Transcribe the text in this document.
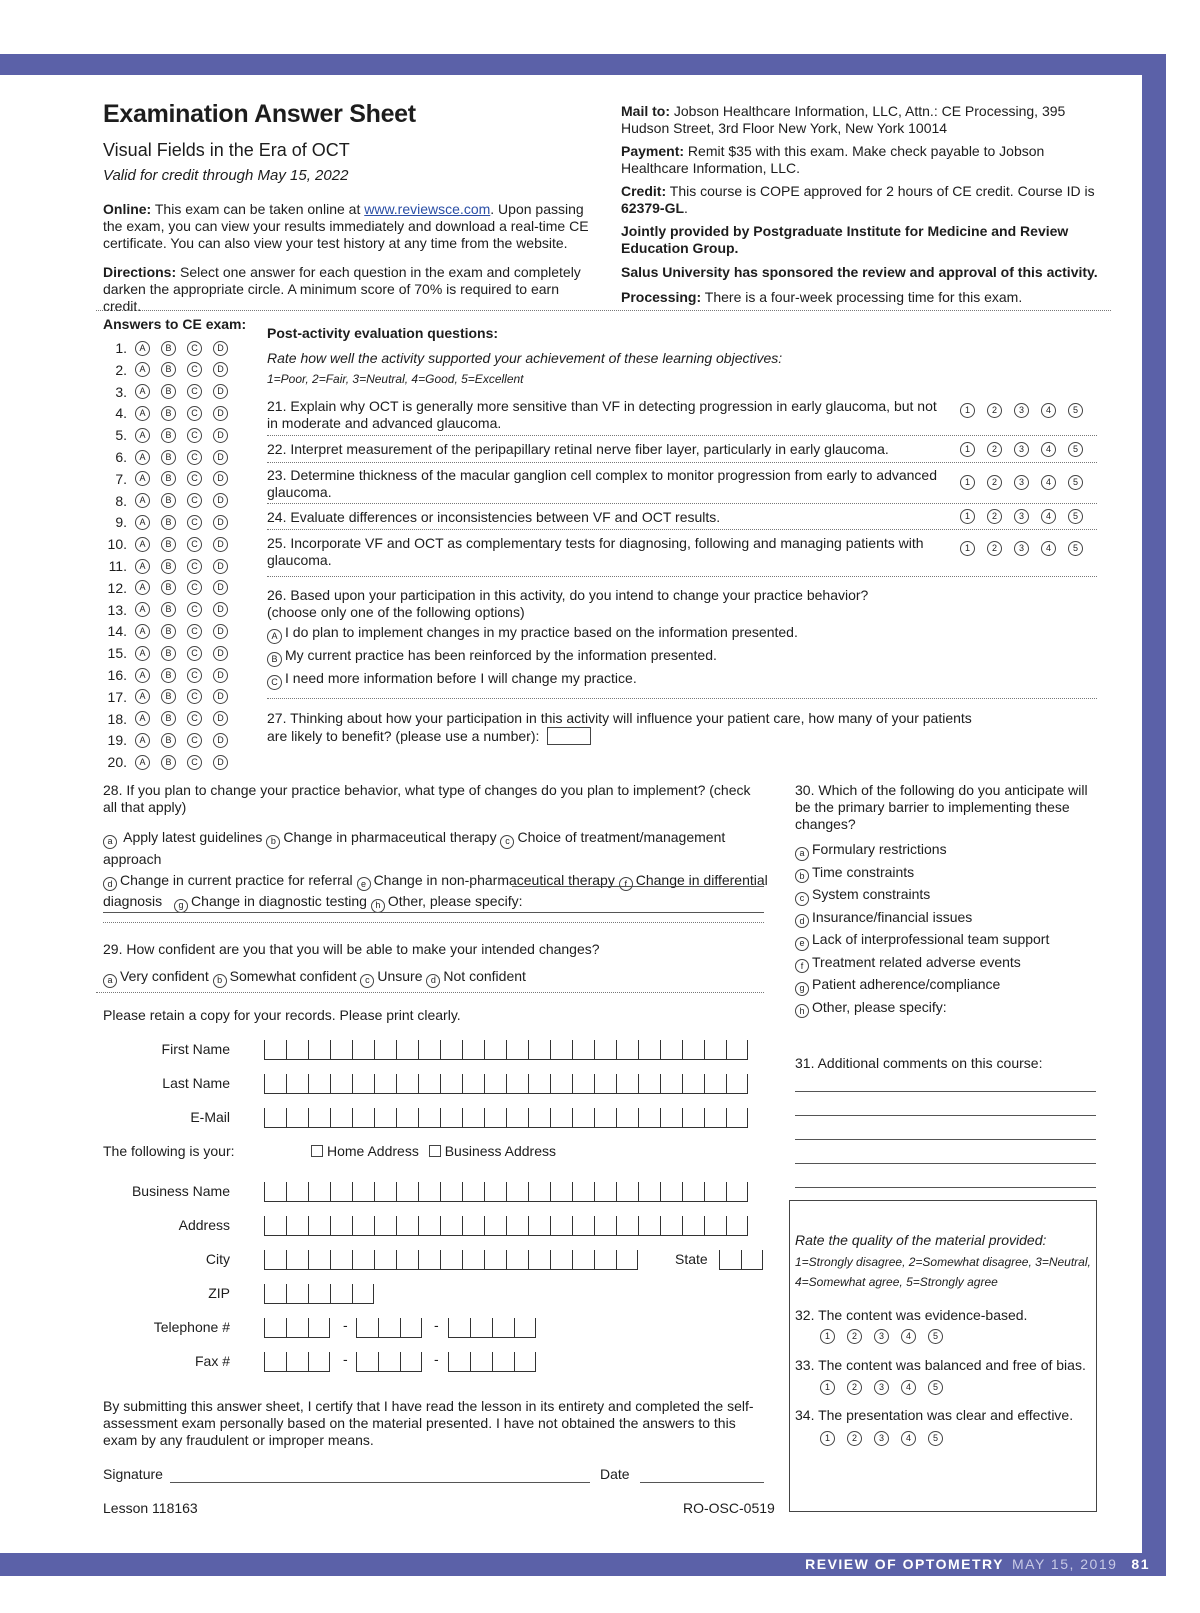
REVIEW OF OPTOMETRY MAY 15, 2019 81
Examination Answer Sheet
Visual Fields in the Era of OCT
Valid for credit through May 15, 2022
Online: This exam can be taken online at www.reviewsce.com. Upon passing the exam, you can view your results immediately and download a real-time CE certificate. You can also view your test history at any time from the website.
Directions: Select one answer for each question in the exam and completely darken the appropriate circle. A minimum score of 70% is required to earn credit.
Mail to: Jobson Healthcare Information, LLC, Attn.: CE Processing, 395 Hudson Street, 3rd Floor New York, New York 10014
Payment: Remit $35 with this exam. Make check payable to Jobson Healthcare Information, LLC.
Credit: This course is COPE approved for 2 hours of CE credit. Course ID is 62379-GL.
Jointly provided by Postgraduate Institute for Medicine and Review Education Group.
Salus University has sponsored the review and approval of this activity.
Processing: There is a four-week processing time for this exam.
Answers to CE exam:
1.	A	B	C	D
2.	A	B	C	D
3.	A	B	C	D
4.	A	B	C	D
5.	A	B	C	D
6.	A	B	C	D
7.	A	B	C	D
8.	A	B	C	D
9.	A	B	C	D
10.	A	B	C	D
11.	A	B	C	D
12.	A	B	C	D
13.	A	B	C	D
14.	A	B	C	D
15.	A	B	C	D
16.	A	B	C	D
17.	A	B	C	D
18.	A	B	C	D
19.	A	B	C	D
20.	A	B	C	D
Post-activity evaluation questions:
Rate how well the activity supported your achievement of these learning objectives:
1=Poor, 2=Fair, 3=Neutral, 4=Good, 5=Excellent
21. Explain why OCT is generally more sensitive than VF in detecting progression in early glaucoma, but not in moderate and advanced glaucoma.
1	2	3	4	5
22. Interpret measurement of the peripapillary retinal nerve fiber layer, particularly in early glaucoma.	1	2	3	4	5
23. Determine thickness of the macular ganglion cell complex to monitor progression from early to advanced glaucoma.
1	2	3	4	5
24. Evaluate differences or inconsistencies between VF and OCT results.	1	2	3	4	5
25. Incorporate VF and OCT as complementary tests for diagnosing, following and managing patients with glaucoma.
1	2	3	4	5
26. Based upon your participation in this activity, do you intend to change your practice behavior?
(choose only one of the following options)
A I do plan to implement changes in my practice based on the information presented.
B My current practice has been reinforced by the information presented.
C I need more information before I will change my practice.
27. Thinking about how your participation in this activity will influence your patient care, how many of your patients are likely to benefit? (please use a number):
28. If you plan to change your practice behavior, what type of changes do you plan to implement? (check all that apply)
a Apply latest guidelines b Change in pharmaceutical therapy c Choice of treatment/management approach
d Change in current practice for referral e Change in non-pharmaceutical therapy f Change in differential
diagnosis g Change in diagnostic testing h Other, please specify:
29. How confident are you that you will be able to make your intended changes?
a Very confident b Somewhat confident c Unsure d Not confident
30. Which of the following do you anticipate will be the primary barrier to implementing these changes?
a Formulary restrictions
b Time constraints
c System constraints
d Insurance/financial issues
e Lack of interprofessional team support
f Treatment related adverse events
g Patient adherence/compliance
h Other, please specify:
31. Additional comments on this course:
Rate the quality of the material provided:
1=Strongly disagree, 2=Somewhat disagree, 3=Neutral, 4=Somewhat agree, 5=Strongly agree
32. The content was evidence-based.
1	2	3	4	5
33. The content was balanced and free of bias.
1	2	3	4	5
34. The presentation was clear and effective.
1	2	3	4	5
Please retain a copy for your records. Please print clearly.
First Name
Last Name
E-Mail
The following is your:	Home Address Business Address
Business Name
Address
City	State
ZIP
Telephone #	-	-
Fax #	-	-
By submitting this answer sheet, I certify that I have read the lesson in its entirety and completed the self-assessment exam personally based on the material presented. I have not obtained the answers to this exam by any fraudulent or improper means.
Signature	Date
Lesson 118163	RO-OSC-0519
